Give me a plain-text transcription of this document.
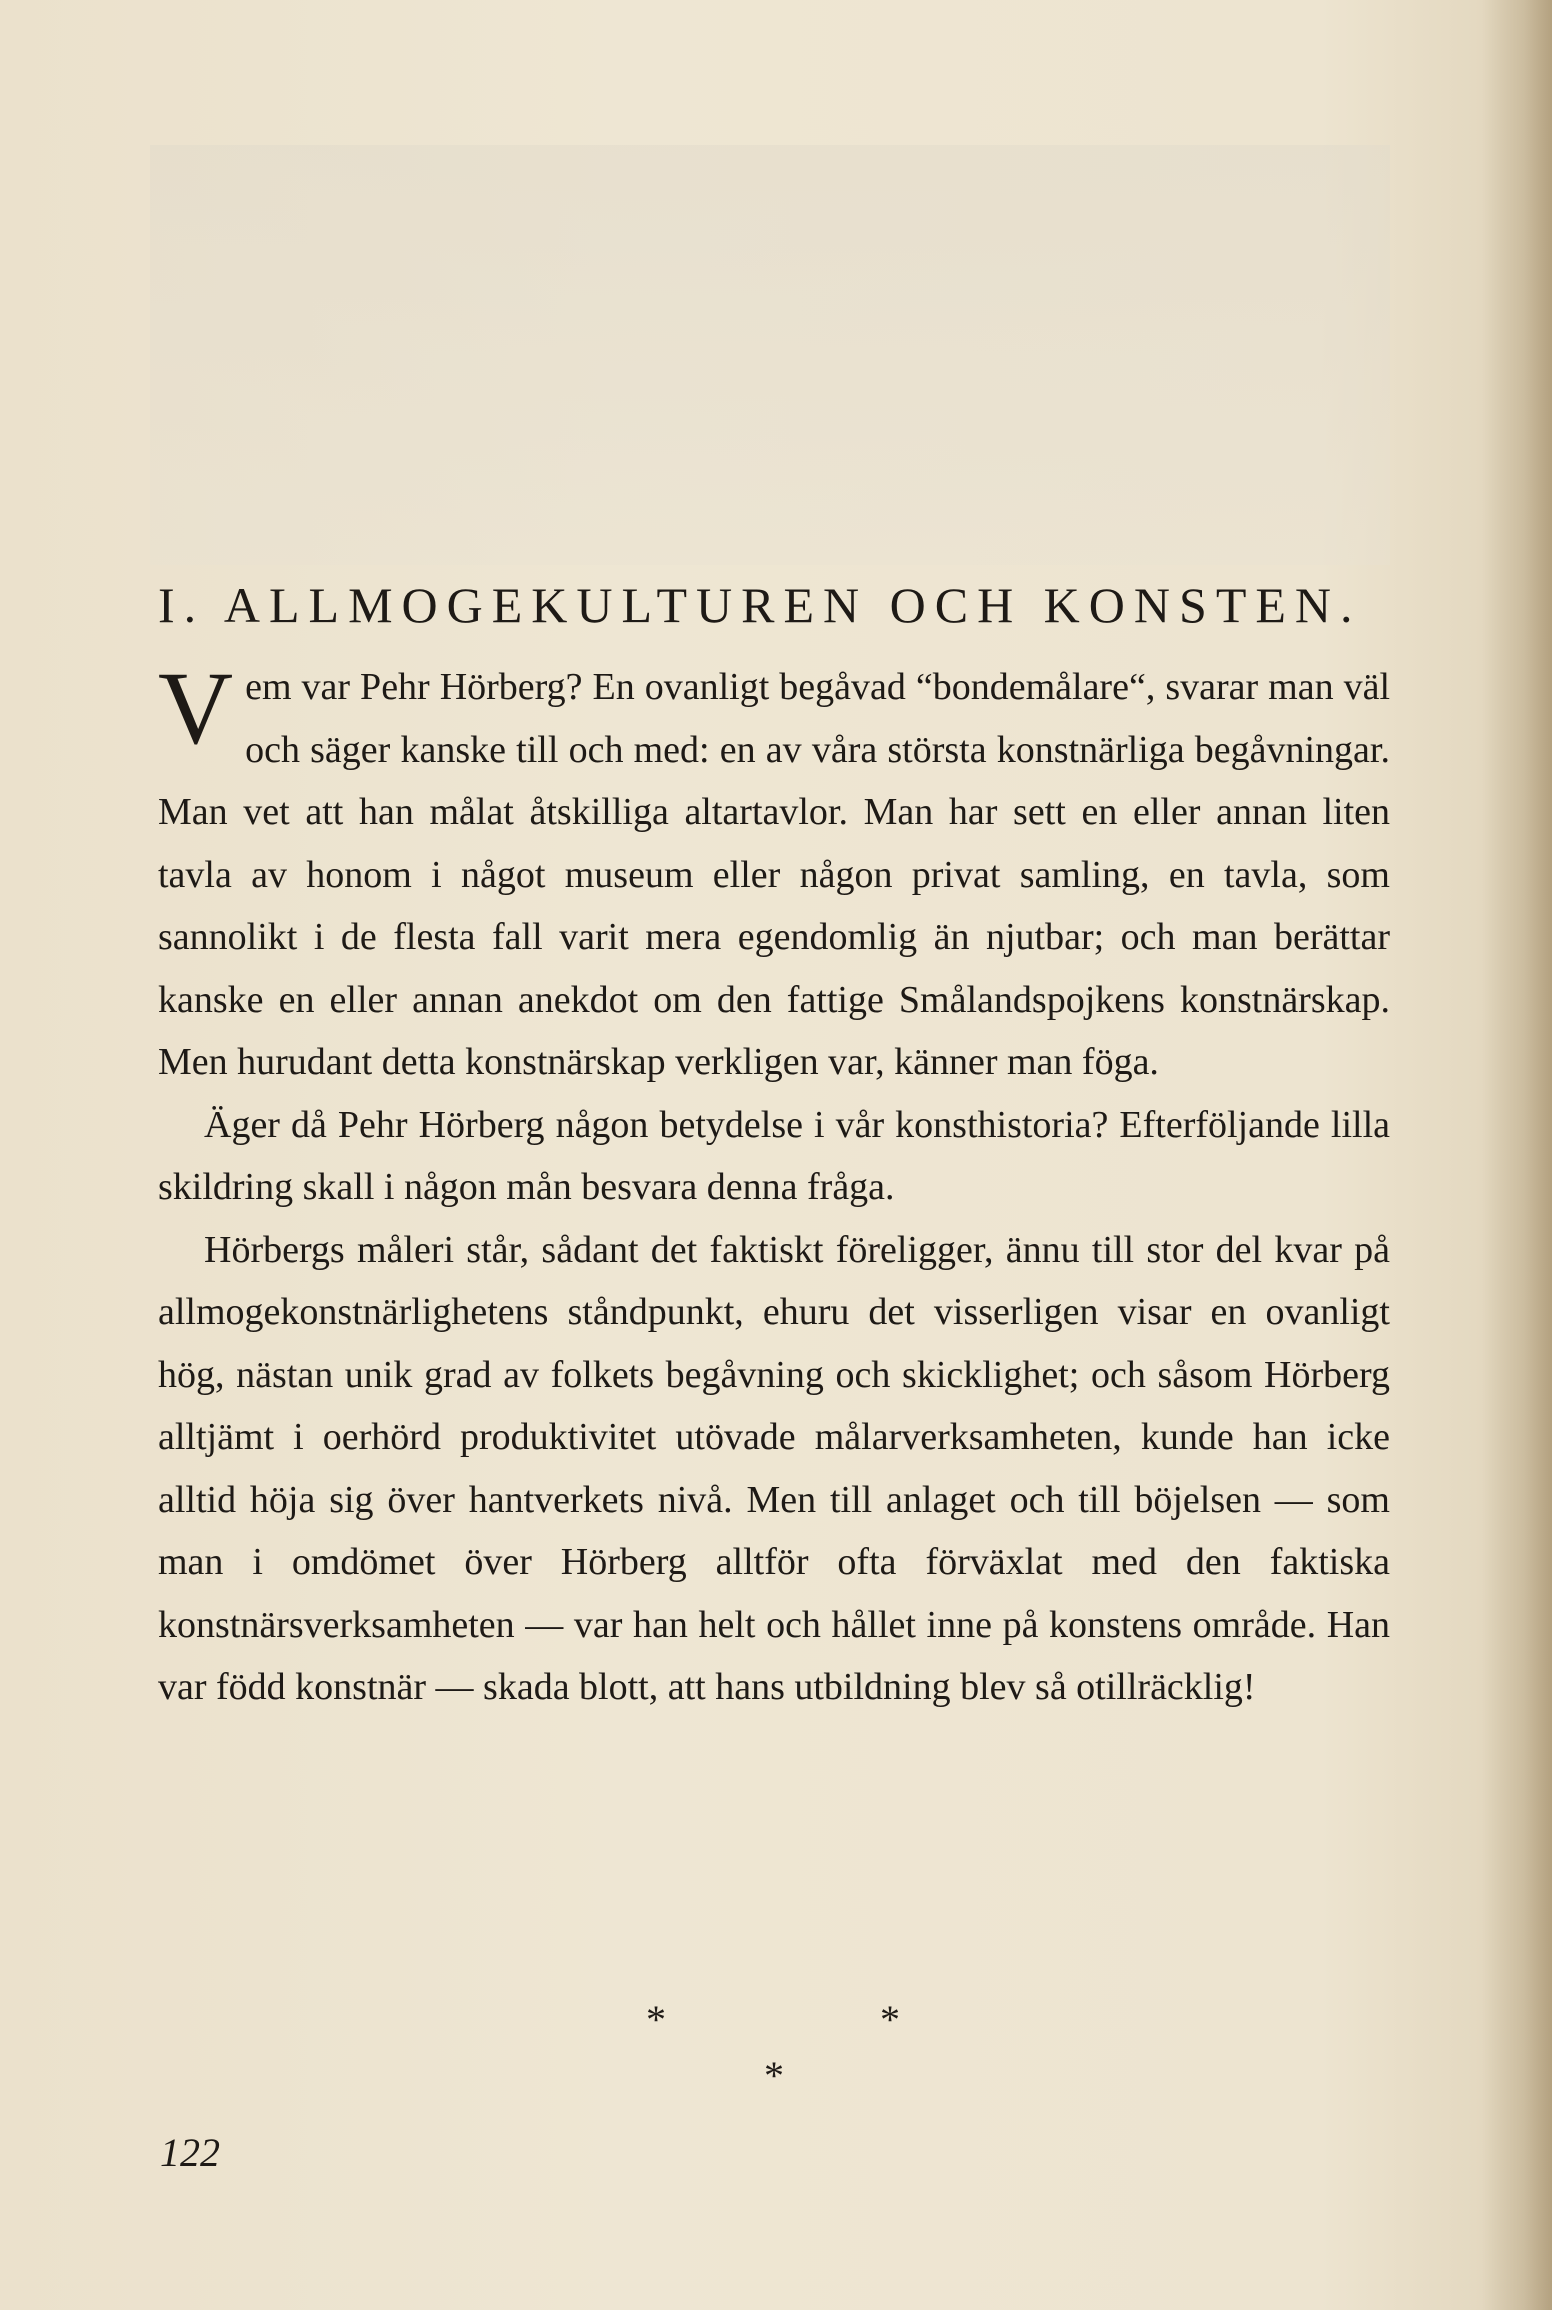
I. ALLMOGEKULTUREN OCH KONSTEN.

Vem var Pehr Hörberg? En ovanligt begåvad “bondemålare“, svarar man väl och säger kanske till och med: en av våra största konstnärliga begåvningar. Man vet att han målat åtskilliga altartavlor. Man har sett en eller annan liten tavla av honom i något museum eller någon privat samling, en tavla, som sannolikt i de flesta fall varit mera egendomlig än njutbar; och man berättar kanske en eller annan anekdot om den fattige Smålandspojkens konstnärskap. Men hurudant detta konstnärskap verkligen var, känner man föga.

Äger då Pehr Hörberg någon betydelse i vår konsthistoria? Efterföljande lilla skildring skall i någon mån besvara denna fråga.

Hörbergs måleri står, sådant det faktiskt föreligger, ännu till stor del kvar på allmogekonstnärlighetens ståndpunkt, ehuru det visserligen visar en ovanligt hög, nästan unik grad av folkets begåvning och skicklighet; och såsom Hörberg alltjämt i oerhörd produktivitet utövade målarverksamheten, kunde han icke alltid höja sig över hantverkets nivå. Men till anlaget och till böjelsen — som man i omdömet över Hörberg alltför ofta förväxlat med den faktiska konstnärsverksamheten — var han helt och hållet inne på konstens område. Han var född konstnär — skada blott, att hans utbildning blev så otillräcklig!

*	*
*
122
